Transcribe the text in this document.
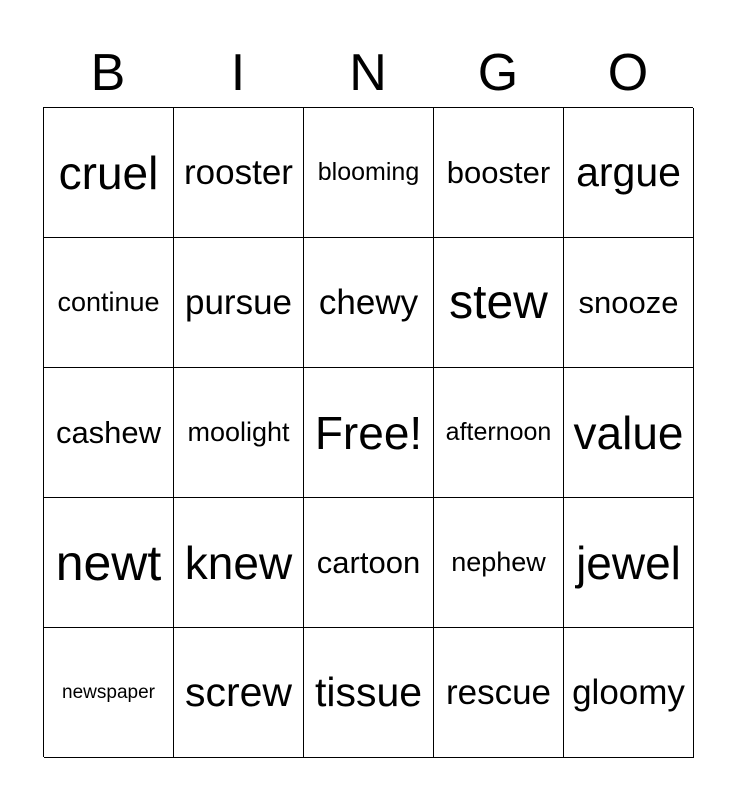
B	I	N	G	O
cruel rooster blooming booster argue
continue pursue chewy stew snooze
cashew moolight Free! afternoon value
newt knew cartoon	nephew jewel
newspaper screw tissue rescue gloomy
